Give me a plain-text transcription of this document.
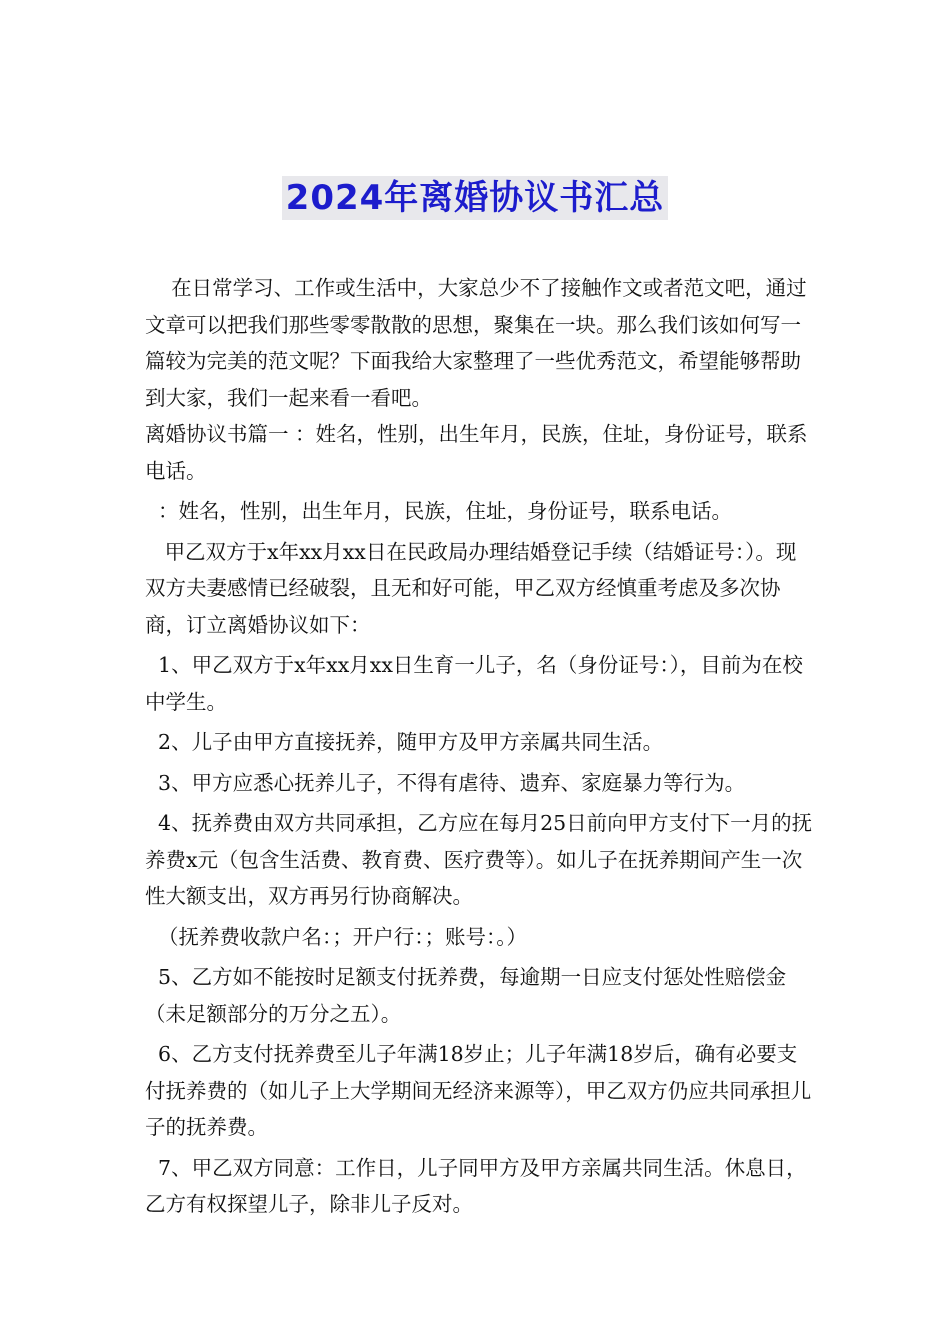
2024年离婚协议书汇总

在日常学习、工作或生活中，大家总少不了接触作文或者范文吧，通过文章可以把我们那些零零散散的思想，聚集在一块。那么我们该如何写一篇较为完美的范文呢？下面我给大家整理了一些优秀范文，希望能够帮助到大家，我们一起来看一看吧。

离婚协议书篇一 ：姓名，性别，出生年月，民族，住址，身份证号，联系电话。

：姓名，性别，出生年月，民族，住址，身份证号，联系电话。

甲乙双方于x年xx月xx日在民政局办理结婚登记手续（结婚证号：）。现双方夫妻感情已经破裂，且无和好可能，甲乙双方经慎重考虑及多次协商，订立离婚协议如下：

1、甲乙双方于x年xx月xx日生育一儿子，名（身份证号：），目前为在校中学生。

2、儿子由甲方直接抚养，随甲方及甲方亲属共同生活。

3、甲方应悉心抚养儿子，不得有虐待、遗弃、家庭暴力等行为。

4、抚养费由双方共同承担，乙方应在每月25日前向甲方支付下一月的抚养费x元（包含生活费、教育费、医疗费等）。如儿子在抚养期间产生一次性大额支出，双方再另行协商解决。

（抚养费收款户名：；开户行：；账号：。）

5、乙方如不能按时足额支付抚养费，每逾期一日应支付惩处性赔偿金（未足额部分的万分之五）。

6、乙方支付抚养费至儿子年满18岁止；儿子年满18岁后，确有必要支付抚养费的（如儿子上大学期间无经济来源等），甲乙双方仍应共同承担儿子的抚养费。

7、甲乙双方同意：工作日，儿子同甲方及甲方亲属共同生活。休息日，乙方有权探望儿子，除非儿子反对。
